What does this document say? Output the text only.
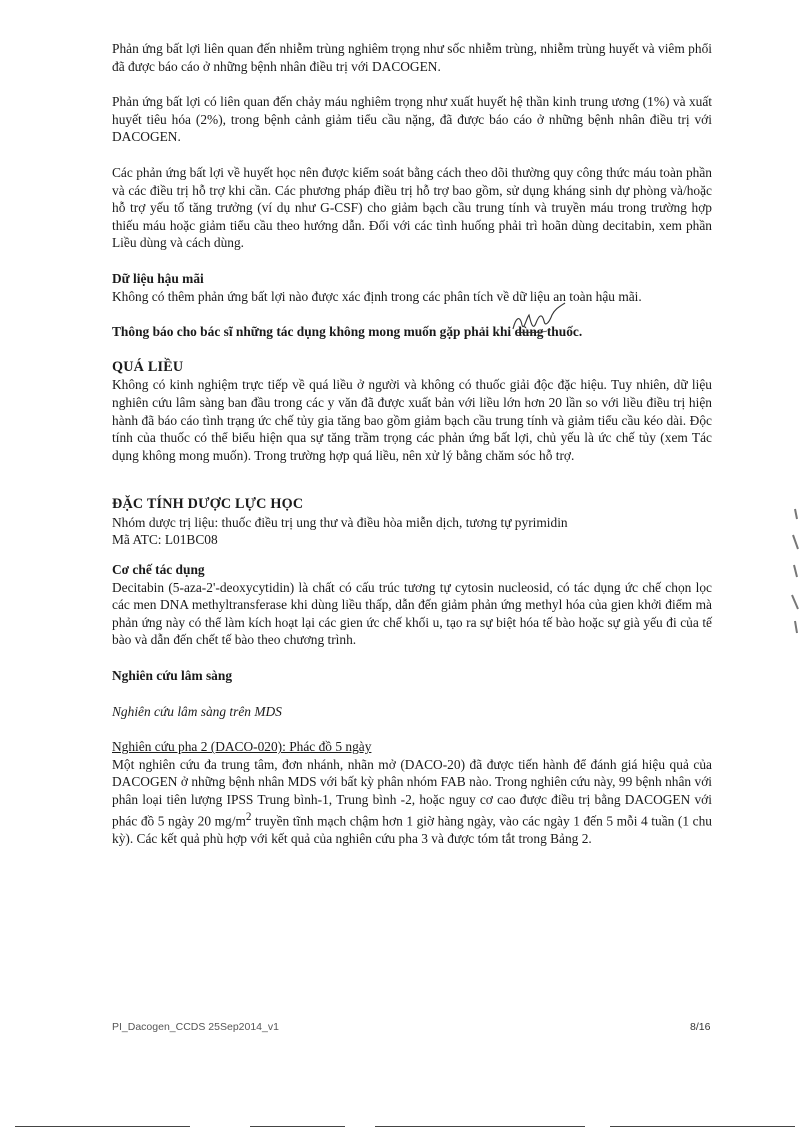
Phản ứng bất lợi liên quan đến nhiễm trùng nghiêm trọng như sốc nhiễm trùng, nhiễm trùng huyết và viêm phổi đã được báo cáo ở những bệnh nhân điều trị với DACOGEN.

Phản ứng bất lợi có liên quan đến chảy máu nghiêm trọng như xuất huyết hệ thần kinh trung ương (1%) và xuất huyết tiêu hóa (2%), trong bệnh cảnh giảm tiểu cầu nặng, đã được báo cáo ở những bệnh nhân điều trị với DACOGEN.

Các phản ứng bất lợi về huyết học nên được kiểm soát bằng cách theo dõi thường quy công thức máu toàn phần và các điều trị hỗ trợ khi cần. Các phương pháp điều trị hỗ trợ bao gồm, sử dụng kháng sinh dự phòng và/hoặc hỗ trợ yếu tố tăng trưởng (ví dụ như G-CSF) cho giảm bạch cầu trung tính và truyền máu trong trường hợp thiếu máu hoặc giảm tiểu cầu theo hướng dẫn. Đối với các tình huống phải trì hoãn dùng decitabin, xem phần Liều dùng và cách dùng.

Dữ liệu hậu mãi

Không có thêm phản ứng bất lợi nào được xác định trong các phân tích về dữ liệu an toàn hậu mãi.

Thông báo cho bác sĩ những tác dụng không mong muốn gặp phải khi dùng thuốc.

QUÁ LIỀU

Không có kinh nghiệm trực tiếp về quá liều ở người và không có thuốc giải độc đặc hiệu. Tuy nhiên, dữ liệu nghiên cứu lâm sàng ban đầu trong các y văn đã được xuất bản với liều lớn hơn 20 lần so với liều điều trị hiện hành đã báo cáo tình trạng ức chế tủy gia tăng bao gồm giảm bạch cầu trung tính và giảm tiểu cầu kéo dài. Độc tính của thuốc có thể biểu hiện qua sự tăng trầm trọng các phản ứng bất lợi, chủ yếu là ức chế tủy (xem Tác dụng không mong muốn). Trong trường hợp quá liều, nên xử lý bằng chăm sóc hỗ trợ.

ĐẶC TÍNH DƯỢC LỰC HỌC

Nhóm dược trị liệu: thuốc điều trị ung thư và điều hòa miễn dịch, tương tự pyrimidin

Mã ATC: L01BC08

Cơ chế tác dụng

Decitabin (5-aza-2'-deoxycytidin) là chất có cấu trúc tương tự cytosin nucleosid, có tác dụng ức chế chọn lọc các men DNA methyltransferase khi dùng liều thấp, dẫn đến giảm phản ứng methyl hóa của gien khởi điểm mà phản ứng này có thể làm kích hoạt lại các gien ức chế khối u, tạo ra sự biệt hóa tế bào hoặc sự già yếu đi của tế bào và dẫn đến chết tế bào theo chương trình.

Nghiên cứu lâm sàng

Nghiên cứu lâm sàng trên MDS

Nghiên cứu pha 2 (DACO-020): Phác đồ 5 ngày

Một nghiên cứu đa trung tâm, đơn nhánh, nhãn mở (DACO-20) đã được tiến hành để đánh giá hiệu quả của DACOGEN ở những bệnh nhân MDS với bất kỳ phân nhóm FAB nào. Trong nghiên cứu này, 99 bệnh nhân với phân loại tiên lượng IPSS Trung bình-1, Trung bình -2, hoặc nguy cơ cao được điều trị bằng DACOGEN với phác đồ 5 ngày 20 $mg/m^2$ truyền tĩnh mạch chậm hơn 1 giờ hàng ngày, vào các ngày 1 đến 5 mỗi 4 tuần (1 chu kỳ). Các kết quả phù hợp với kết quả của nghiên cứu pha 3 và được tóm tắt trong Bảng 2.

PI_Dacogen_CCDS 25Sep2014_v1	8/16
